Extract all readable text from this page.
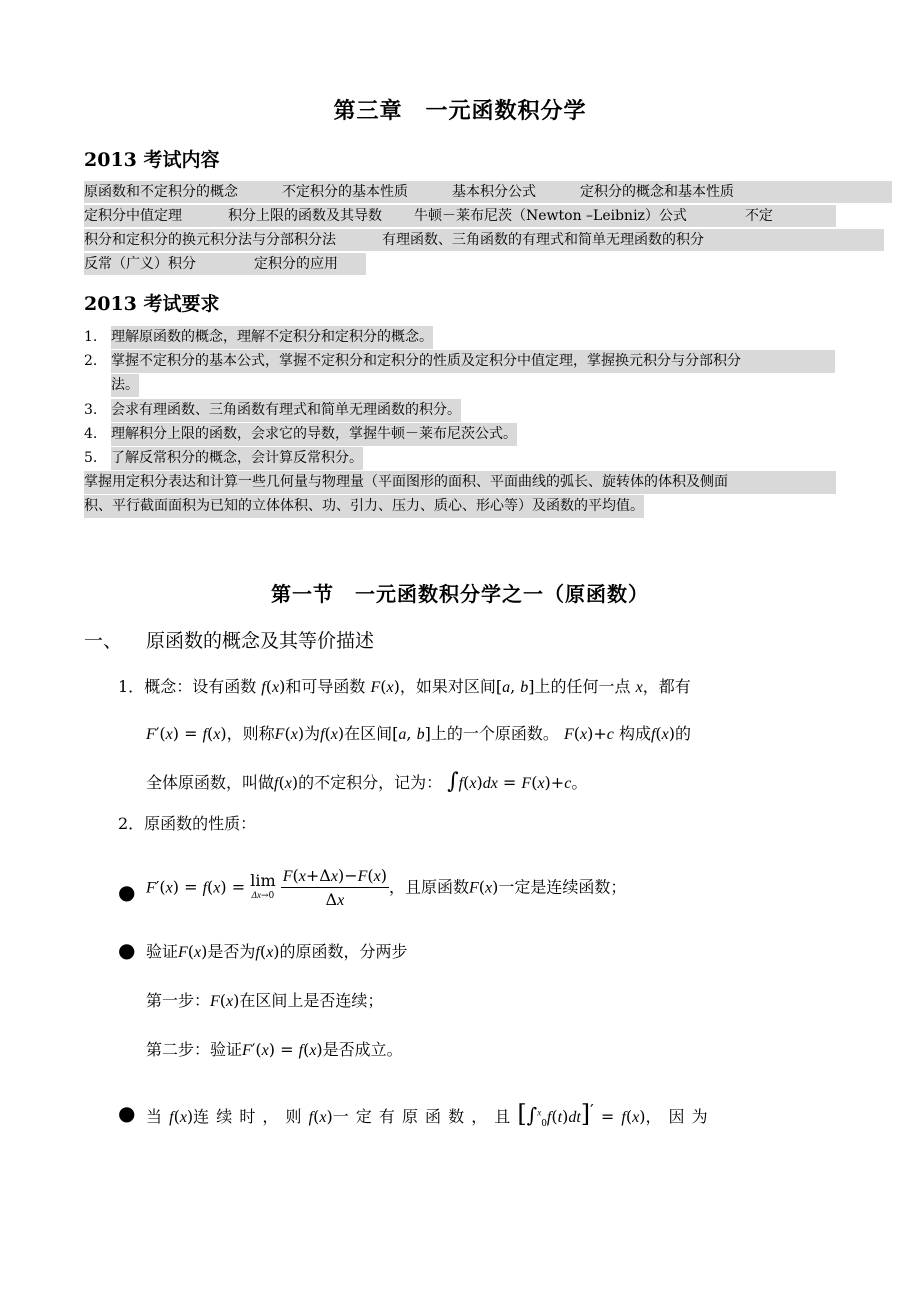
第三章　一元函数积分学
2013 考试内容
原函数和不定积分的概念	不定积分的基本性质	基本积分公式	定积分的概念和基本性质
定积分中值定理	积分上限的函数及其导数 牛顿－莱布尼茨（Newton –Leibniz）公式	不定
积分和定积分的换元积分法与分部积分法	有理函数、三角函数的有理式和简单无理函数的积分
反常（广义）积分	定积分的应用
2013 考试要求
1. 理解原函数的概念，理解不定积分和定积分的概念。
2. 掌握不定积分的基本公式，掌握不定积分和定积分的性质及定积分中值定理，掌握换元积分与分部积分
法。
3. 会求有理函数、三角函数有理式和简单无理函数的积分。
4. 理解积分上限的函数，会求它的导数，掌握牛顿－莱布尼茨公式。
5. 了解反常积分的概念，会计算反常积分。
掌握用定积分表达和计算一些几何量与物理量（平面图形的面积、平面曲线的弧长、旋转体的体积及侧面
积、平行截面面积为已知的立体体积、功、引力、压力、质心、形心等）及函数的平均值。
第一节　一元函数积分学之一（原函数）
一、 原函数的概念及其等价描述
1．概念：设有函数 f(x)和可导函数 F(x)，如果对区间[a, b]上的任何一点 x，都有
F′(x) = f(x)，则称F(x)为f(x)在区间[a, b]上的一个原函数。 F(x)+c 构成f(x)的
全体原函数，叫做f(x)的不定积分，记为： ∫f(x)dx = F(x)+c。
2．原函数的性质：
● F′(x) = f(x) = lim
Δx→0
$\frac{F(x+\Delta x)-F(x)}{\Delta x}$ ，且原函数F(x)一定是连续函数；
● 验证F(x)是否为f(x)的原函数，分两步
第一步：F(x)在区间上是否连续；
第二步：验证F′(x) = f(x)是否成立。
● 当 f(x)连 续 时 ， 则 f(x)一 定 有 原 函 数 ， 且 [∫$^x_0$f(t)dt]′ = f(x)， 因 为
